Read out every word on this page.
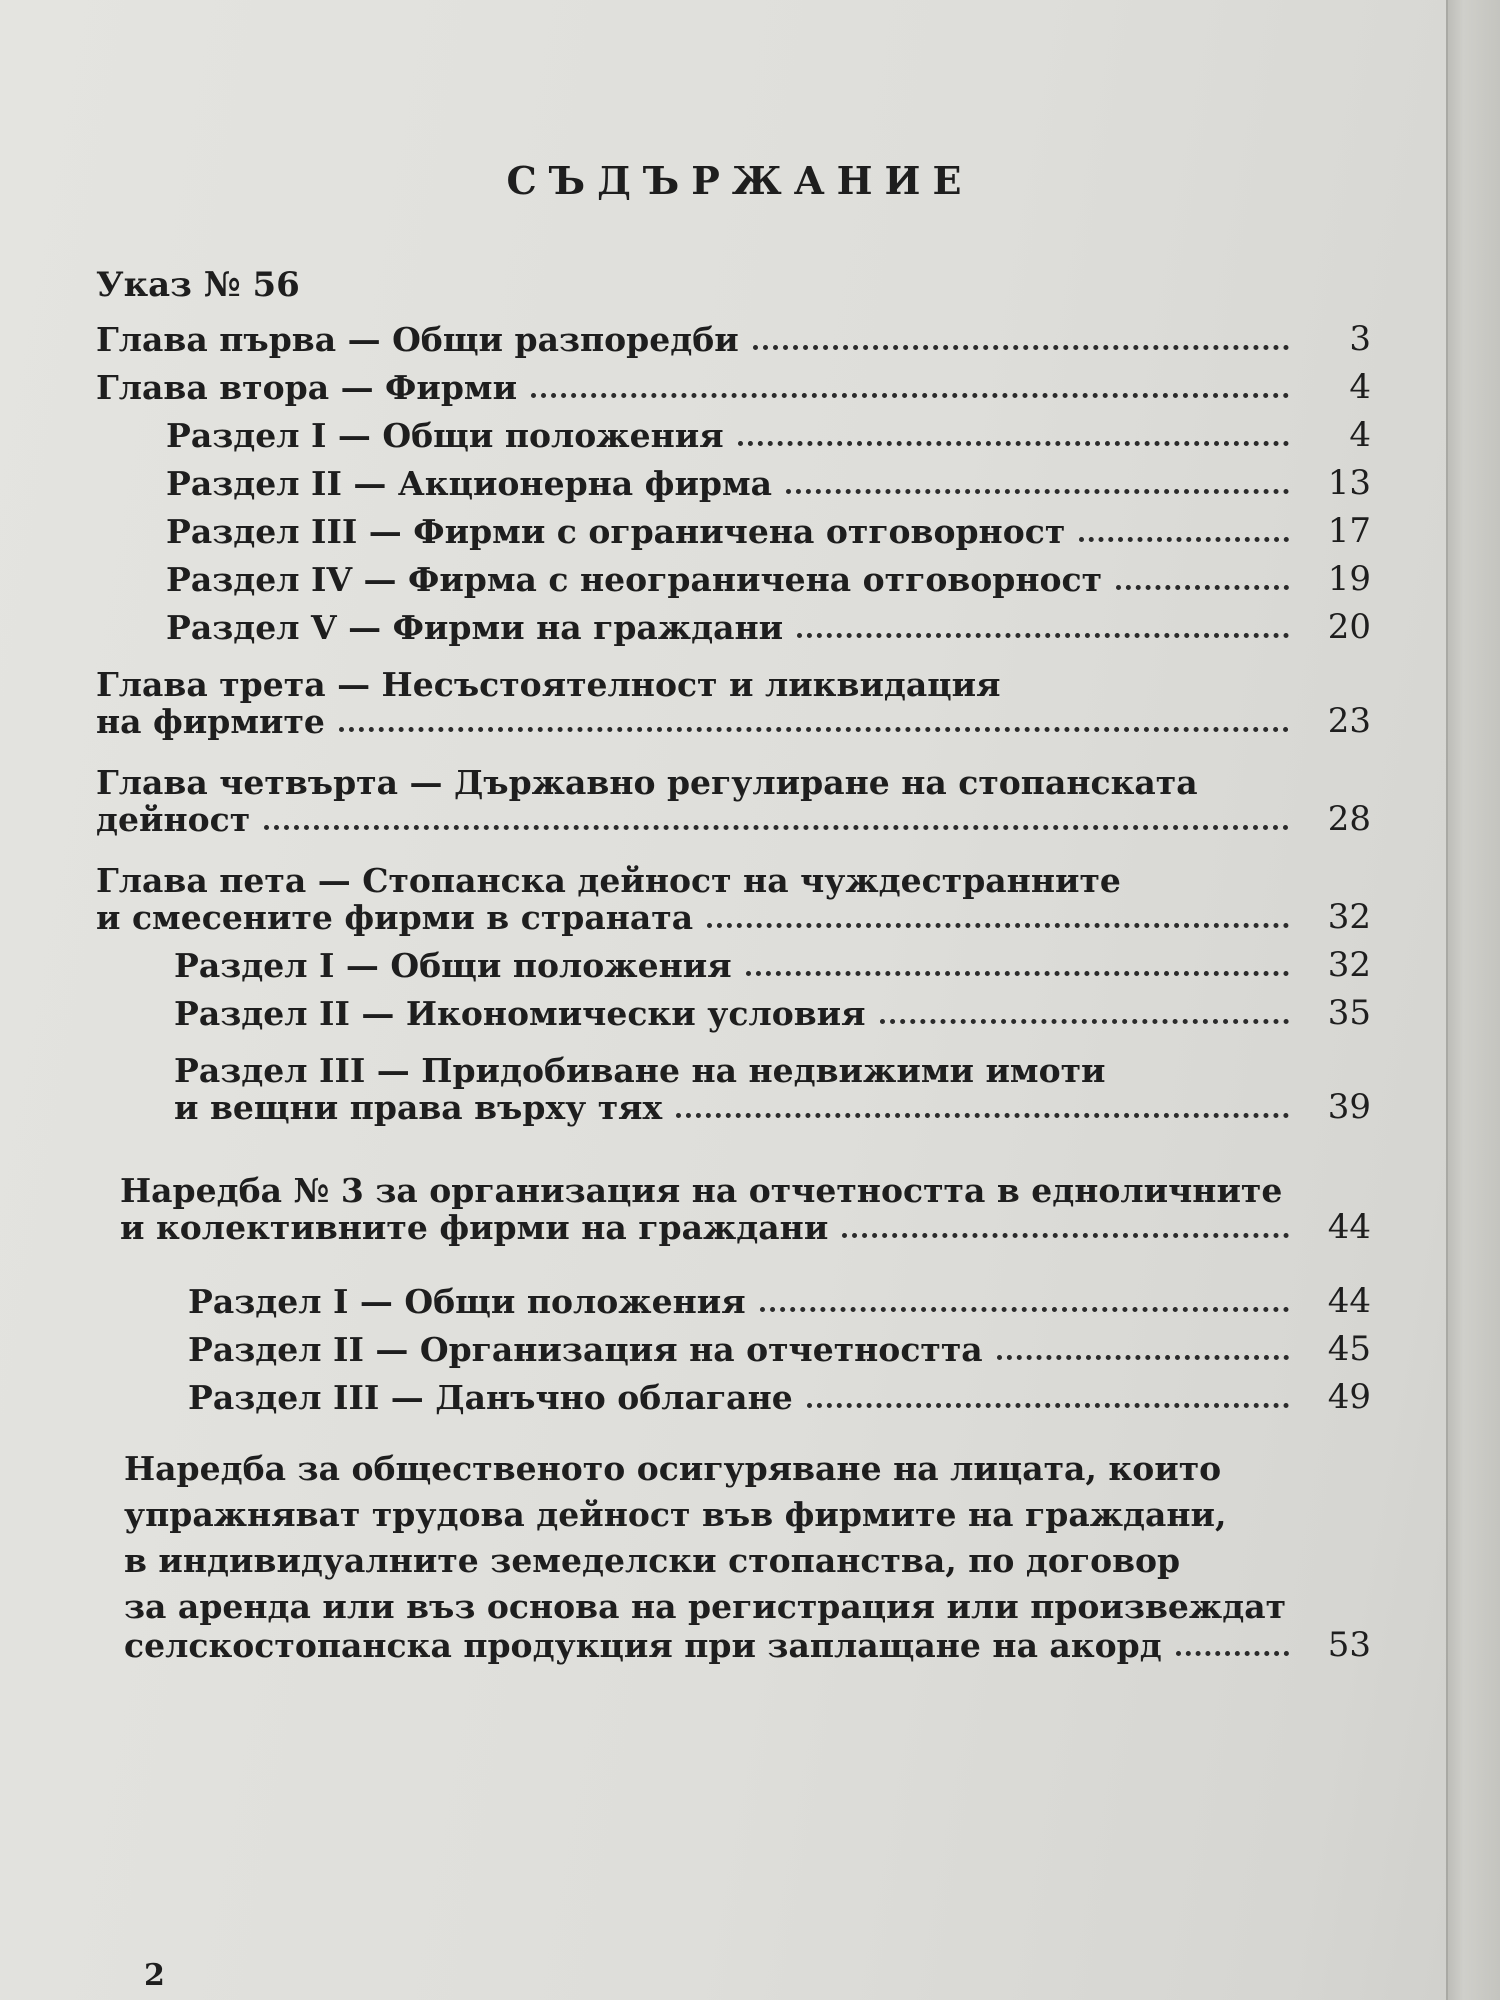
СЪДЪРЖАНИЕ
Указ № 56
Глава първа — Общи разпоредби	3
Глава втора — Фирми	4
Раздел I — Общи положения	4
Раздел II — Акционерна фирма	13
Раздел III — Фирми с ограничена отговорност	17
Раздел IV — Фирма с неограничена отговорност	19
Раздел V — Фирми на граждани	20
Глава трета — Несъстоятелност и ликвидация
на фирмите	23
Глава четвърта — Държавно регулиране на стопанската
дейност	28
Глава пета — Стопанска дейност на чуждестранните
и смесените фирми в страната	32
Раздел I — Общи положения	32
Раздел II — Икономически условия	35
Раздел III — Придобиване на недвижими имоти
и вещни права върху тях	39
Наредба № 3 за организация на отчетността в едноличните
и колективните фирми на граждани	44
Раздел I — Общи положения	44
Раздел II — Организация на отчетността	45
Раздел III — Данъчно облагане	49
Наредба за общественото осигуряване на лицата, които
упражняват трудова дейност във фирмите на граждани,
в индивидуалните земеделски стопанства, по договор
за аренда или въз основа на регистрация или произвеждат
селскостопанска продукция при заплащане на акорд	53
2
